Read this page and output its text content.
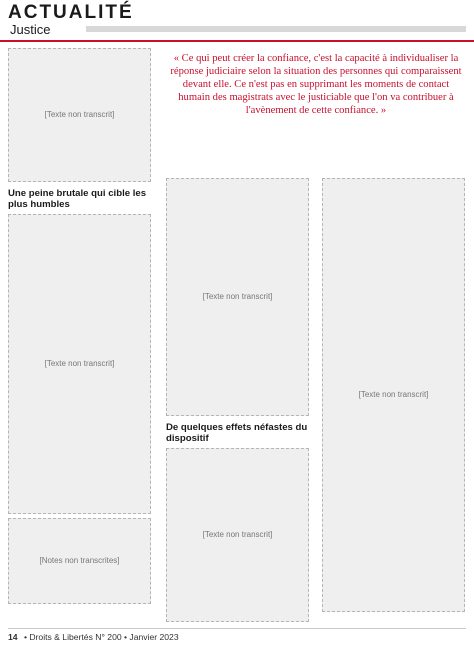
ACTUALITÉ
Justice
[Texte non transcrit]
Une peine brutale qui cible les plus humbles
[Texte non transcrit]
[Notes non transcrites]
« Ce qui peut créer la confiance, c'est la capacité à individualiser la réponse judiciaire selon la situation des personnes qui comparaissent devant elle. Ce n'est pas en supprimant les moments de contact humain des magistrats avec le justiciable que l'on va contribuer à l'avènement de cette confiance. »
[Texte non transcrit]
De quelques effets néfastes du dispositif
[Texte non transcrit]
[Texte non transcrit]
14 • Droits & Libertés N° 200 • Janvier 2023
